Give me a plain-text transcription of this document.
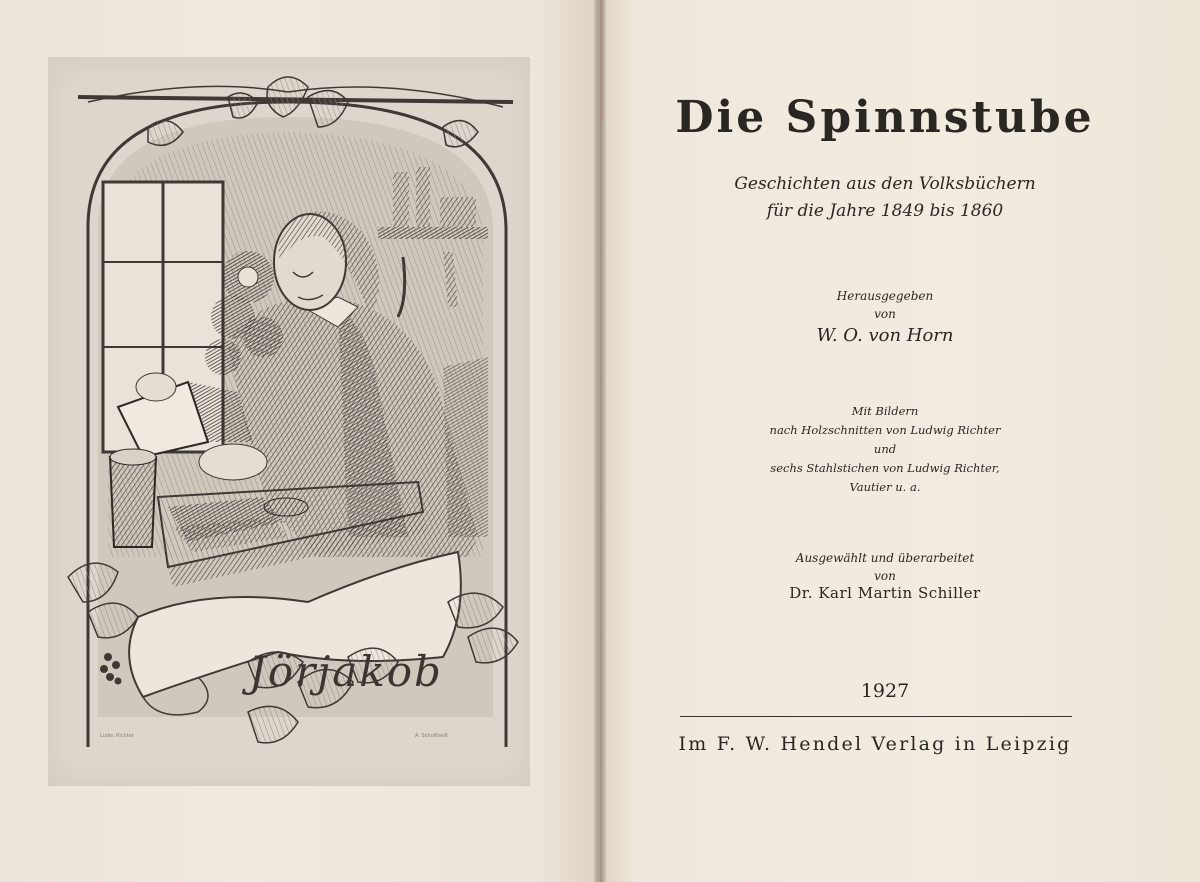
Jörjakob
Ludw. Richter	A. Schultheiß
Die Spinnstube
Geschichten aus den Volksbüchern
für die Jahre 1849 bis 1860
Herausgegeben
von
W. O. von Horn
Mit Bildern
nach Holzschnitten von Ludwig Richter
und
sechs Stahlstichen von Ludwig Richter,
Vautier u. a.
Ausgewählt und überarbeitet
von
Dr. Karl Martin Schiller
1927
Im F. W. Hendel Verlag in Leipzig
